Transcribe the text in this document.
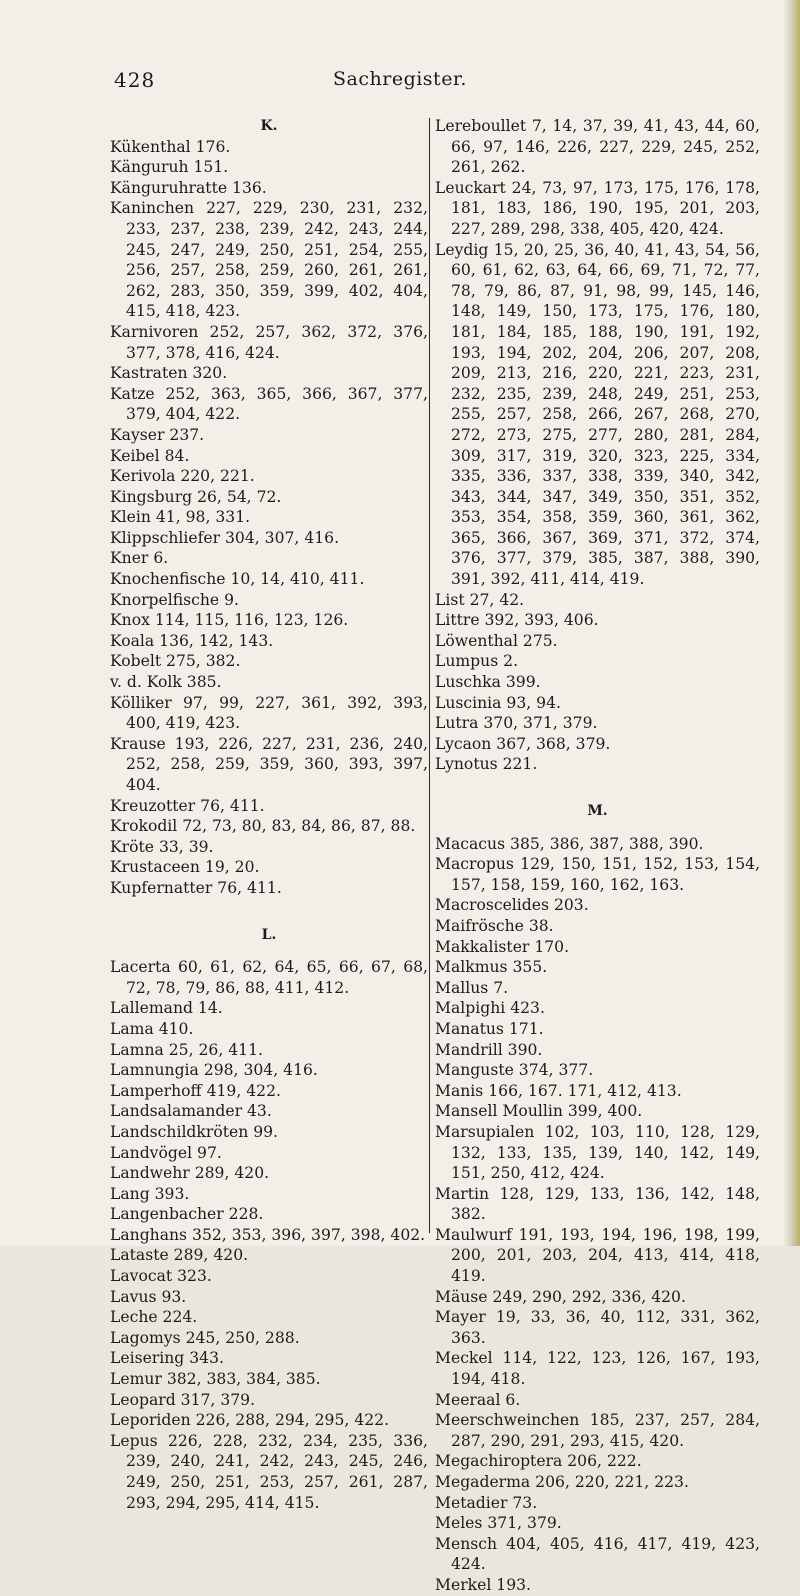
428	Sachregister.

K.

Kükenthal 176.

Känguruh 151.

Känguruhratte 136.

Kaninchen 227, 229, 230, 231, 232, 233, 237, 238, 239, 242, 243, 244, 245, 247, 249, 250, 251, 254, 255, 256, 257, 258, 259, 260, 261, 261, 262, 283, 350, 359, 399, 402, 404, 415, 418, 423.

Karnivoren 252, 257, 362, 372, 376, 377, 378, 416, 424.

Kastraten 320.

Katze 252, 363, 365, 366, 367, 377, 379, 404, 422.

Kayser 237.

Keibel 84.

Kerivola 220, 221.

Kingsburg 26, 54, 72.

Klein 41, 98, 331.

Klippschliefer 304, 307, 416.

Kner 6.

Knochenfische 10, 14, 410, 411.

Knorpelfische 9.

Knox 114, 115, 116, 123, 126.

Koala 136, 142, 143.

Kobelt 275, 382.

v. d. Kolk 385.

Kölliker 97, 99, 227, 361, 392, 393, 400, 419, 423.

Krause 193, 226, 227, 231, 236, 240, 252, 258, 259, 359, 360, 393, 397, 404.

Kreuzotter 76, 411.

Krokodil 72, 73, 80, 83, 84, 86, 87, 88.

Kröte 33, 39.

Krustaceen 19, 20.

Kupfernatter 76, 411.

L.

Lacerta 60, 61, 62, 64, 65, 66, 67, 68, 72, 78, 79, 86, 88, 411, 412.

Lallemand 14.

Lama 410.

Lamna 25, 26, 411.

Lamnungia 298, 304, 416.

Lamperhoff 419, 422.

Landsalamander 43.

Landschildkröten 99.

Landvögel 97.

Landwehr 289, 420.

Lang 393.

Langenbacher 228.

Langhans 352, 353, 396, 397, 398, 402.

Lataste 289, 420.

Lavocat 323.

Lavus 93.

Leche 224.

Lagomys 245, 250, 288.

Leisering 343.

Lemur 382, 383, 384, 385.

Leopard 317, 379.

Leporiden 226, 288, 294, 295, 422.

Lepus 226, 228, 232, 234, 235, 336, 239, 240, 241, 242, 243, 245, 246, 249, 250, 251, 253, 257, 261, 287, 293, 294, 295, 414, 415.

Lereboullet 7, 14, 37, 39, 41, 43, 44, 60, 66, 97, 146, 226, 227, 229, 245, 252, 261, 262.

Leuckart 24, 73, 97, 173, 175, 176, 178, 181, 183, 186, 190, 195, 201, 203, 227, 289, 298, 338, 405, 420, 424.

Leydig 15, 20, 25, 36, 40, 41, 43, 54, 56, 60, 61, 62, 63, 64, 66, 69, 71, 72, 77, 78, 79, 86, 87, 91, 98, 99, 145, 146, 148, 149, 150, 173, 175, 176, 180, 181, 184, 185, 188, 190, 191, 192, 193, 194, 202, 204, 206, 207, 208, 209, 213, 216, 220, 221, 223, 231, 232, 235, 239, 248, 249, 251, 253, 255, 257, 258, 266, 267, 268, 270, 272, 273, 275, 277, 280, 281, 284, 309, 317, 319, 320, 323, 225, 334, 335, 336, 337, 338, 339, 340, 342, 343, 344, 347, 349, 350, 351, 352, 353, 354, 358, 359, 360, 361, 362, 365, 366, 367, 369, 371, 372, 374, 376, 377, 379, 385, 387, 388, 390, 391, 392, 411, 414, 419.

List 27, 42.

Littre 392, 393, 406.

Löwenthal 275.

Lumpus 2.

Luschka 399.

Luscinia 93, 94.

Lutra 370, 371, 379.

Lycaon 367, 368, 379.

Lynotus 221.

M.

Macacus 385, 386, 387, 388, 390.

Macropus 129, 150, 151, 152, 153, 154, 157, 158, 159, 160, 162, 163.

Macroscelides 203.

Maifrösche 38.

Makkalister 170.

Malkmus 355.

Mallus 7.

Malpighi 423.

Manatus 171.

Mandrill 390.

Manguste 374, 377.

Manis 166, 167. 171, 412, 413.

Mansell Moullin 399, 400.

Marsupialen 102, 103, 110, 128, 129, 132, 133, 135, 139, 140, 142, 149, 151, 250, 412, 424.

Martin 128, 129, 133, 136, 142, 148, 382.

Maulwurf 191, 193, 194, 196, 198, 199, 200, 201, 203, 204, 413, 414, 418, 419.

Mäuse 249, 290, 292, 336, 420.

Mayer 19, 33, 36, 40, 112, 331, 362, 363.

Meckel 114, 122, 123, 126, 167, 193, 194, 418.

Meeraal 6.

Meerschweinchen 185, 237, 257, 284, 287, 290, 291, 293, 415, 420.

Megachiroptera 206, 222.

Megaderma 206, 220, 221, 223.

Metadier 73.

Meles 371, 379.

Mensch 404, 405, 416, 417, 419, 423, 424.

Merkel 193.
